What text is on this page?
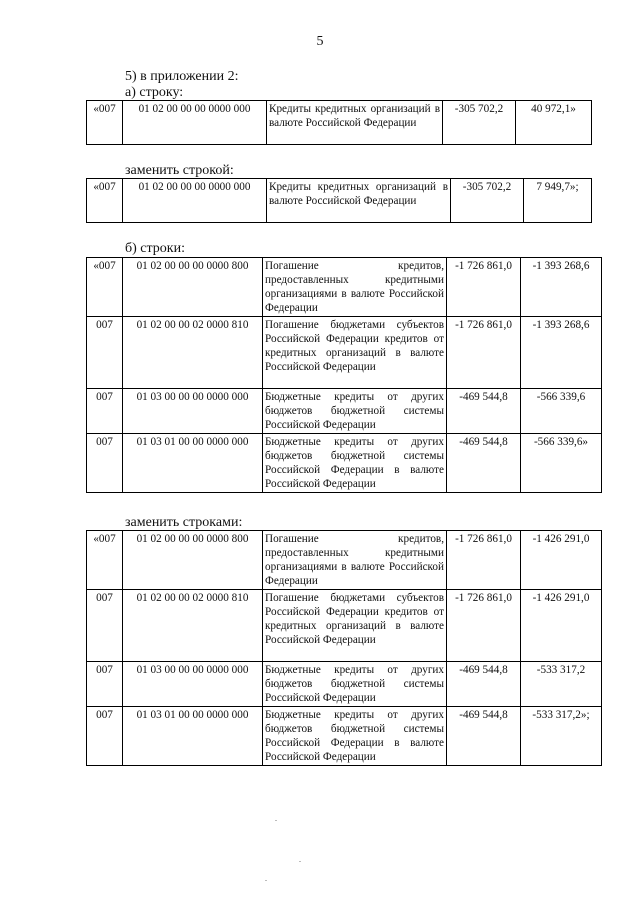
5
5) в приложении 2:
а) строку:
«007	01 02 00 00 00 0000 000	Кредиты кредитных организаций в валюте Российской Федерации	-305 702,2	40 972,1»
заменить строкой:
«007	01 02 00 00 00 0000 000	Кредиты кредитных организаций в валюте Российской Федерации	-305 702,2	7 949,7»;
б) строки:
«007	01 02 00 00 00 0000 800	Погашение кредитов, предоставленных кредитными организациями в валюте Российской Федерации	-1 726 861,0	-1 393 268,6
007	01 02 00 00 02 0000 810	Погашение бюджетами субъектов Российской Федерации кредитов от кредитных организаций в валюте Российской Федерации	-1 726 861,0	-1 393 268,6
007	01 03 00 00 00 0000 000	Бюджетные кредиты от других бюджетов бюджетной системы Российской Федерации	-469 544,8	-566 339,6
007	01 03 01 00 00 0000 000	Бюджетные кредиты от других бюджетов бюджетной системы Российской Федерации в валюте Российской Федерации	-469 544,8	-566 339,6»
заменить строками:
«007	01 02 00 00 00 0000 800	Погашение кредитов, предоставленных кредитными организациями в валюте Российской Федерации	-1 726 861,0	-1 426 291,0
007	01 02 00 00 02 0000 810	Погашение бюджетами субъектов Российской Федерации кредитов от кредитных организаций в валюте Российской Федерации	-1 726 861,0	-1 426 291,0
007	01 03 00 00 00 0000 000	Бюджетные кредиты от других бюджетов бюджетной системы Российской Федерации	-469 544,8	-533 317,2
007	01 03 01 00 00 0000 000	Бюджетные кредиты от других бюджетов бюджетной системы Российской Федерации в валюте Российской Федерации	-469 544,8	-533 317,2»;
